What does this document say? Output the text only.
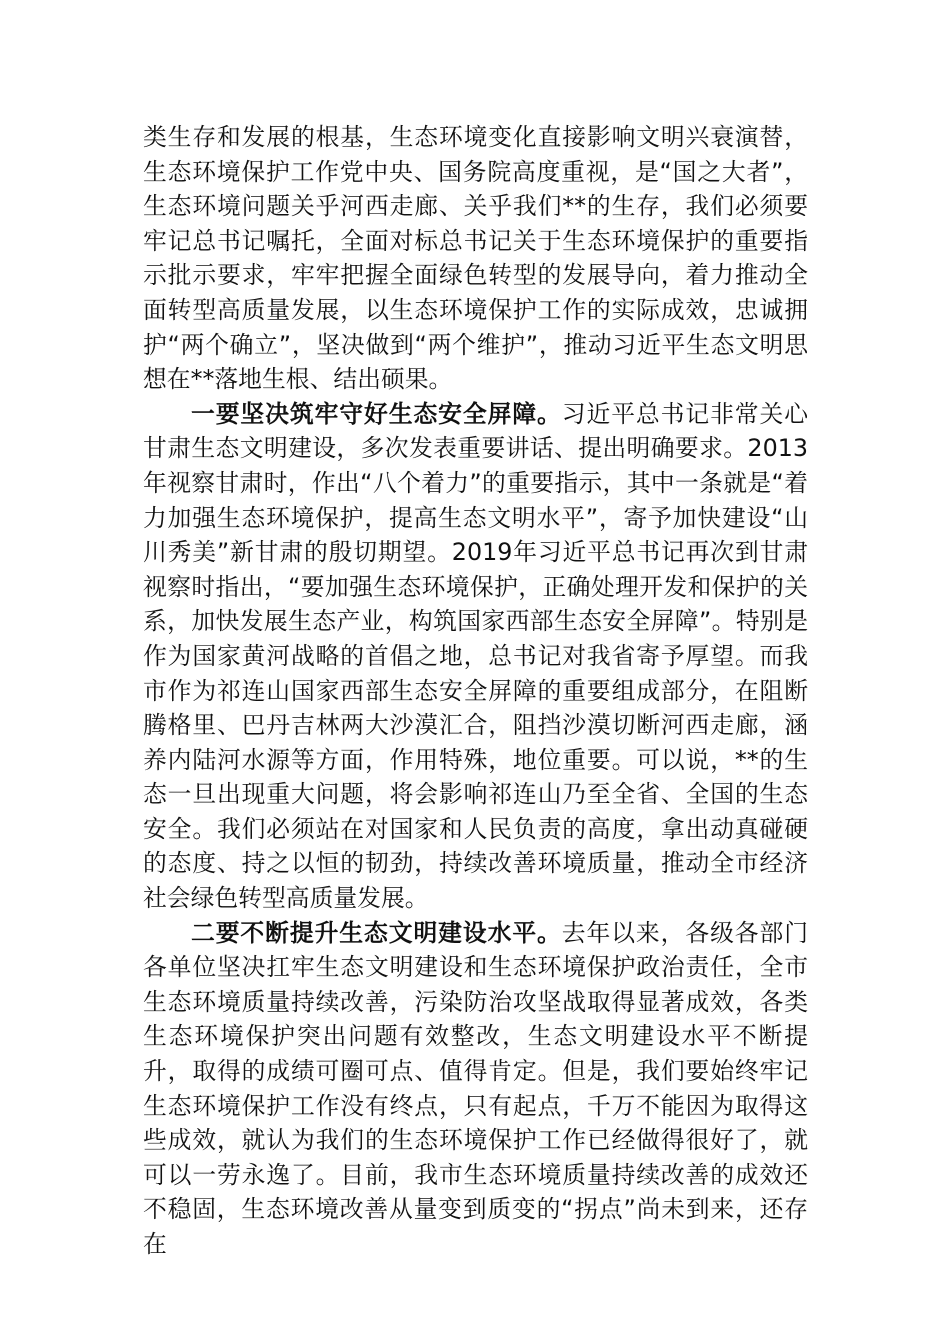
类生存和发展的根基，生态环境变化直接影响文明兴衰演替，生态环境保护工作党中央、国务院高度重视，是“国之大者”，生态环境问题关乎河西走廊、关乎我们**的生存，我们必须要牢记总书记嘱托，全面对标总书记关于生态环境保护的重要指示批示要求，牢牢把握全面绿色转型的发展导向，着力推动全面转型高质量发展，以生态环境保护工作的实际成效，忠诚拥护“两个确立”，坚决做到“两个维护”，推动习近平生态文明思想在**落地生根、结出硕果。

一要坚决筑牢守好生态安全屏障。习近平总书记非常关心甘肃生态文明建设，多次发表重要讲话、提出明确要求。2013年视察甘肃时，作出“八个着力”的重要指示，其中一条就是“着力加强生态环境保护，提高生态文明水平”，寄予加快建设“山川秀美”新甘肃的殷切期望。2019年习近平总书记再次到甘肃视察时指出，“要加强生态环境保护，正确处理开发和保护的关系，加快发展生态产业，构筑国家西部生态安全屏障”。特别是作为国家黄河战略的首倡之地，总书记对我省寄予厚望。而我市作为祁连山国家西部生态安全屏障的重要组成部分，在阻断腾格里、巴丹吉林两大沙漠汇合，阻挡沙漠切断河西走廊，涵养内陆河水源等方面，作用特殊，地位重要。可以说，**的生态一旦出现重大问题，将会影响祁连山乃至全省、全国的生态安全。我们必须站在对国家和人民负责的高度，拿出动真碰硬的态度、持之以恒的韧劲，持续改善环境质量，推动全市经济社会绿色转型高质量发展。

二要不断提升生态文明建设水平。去年以来，各级各部门各单位坚决扛牢生态文明建设和生态环境保护政治责任，全市生态环境质量持续改善，污染防治攻坚战取得显著成效，各类生态环境保护突出问题有效整改，生态文明建设水平不断提升，取得的成绩可圈可点、值得肯定。但是，我们要始终牢记生态环境保护工作没有终点，只有起点，千万不能因为取得这些成效，就认为我们的生态环境保护工作已经做得很好了，就可以一劳永逸了。目前，我市生态环境质量持续改善的成效还不稳固，生态环境改善从量变到质变的“拐点”尚未到来，还存在
